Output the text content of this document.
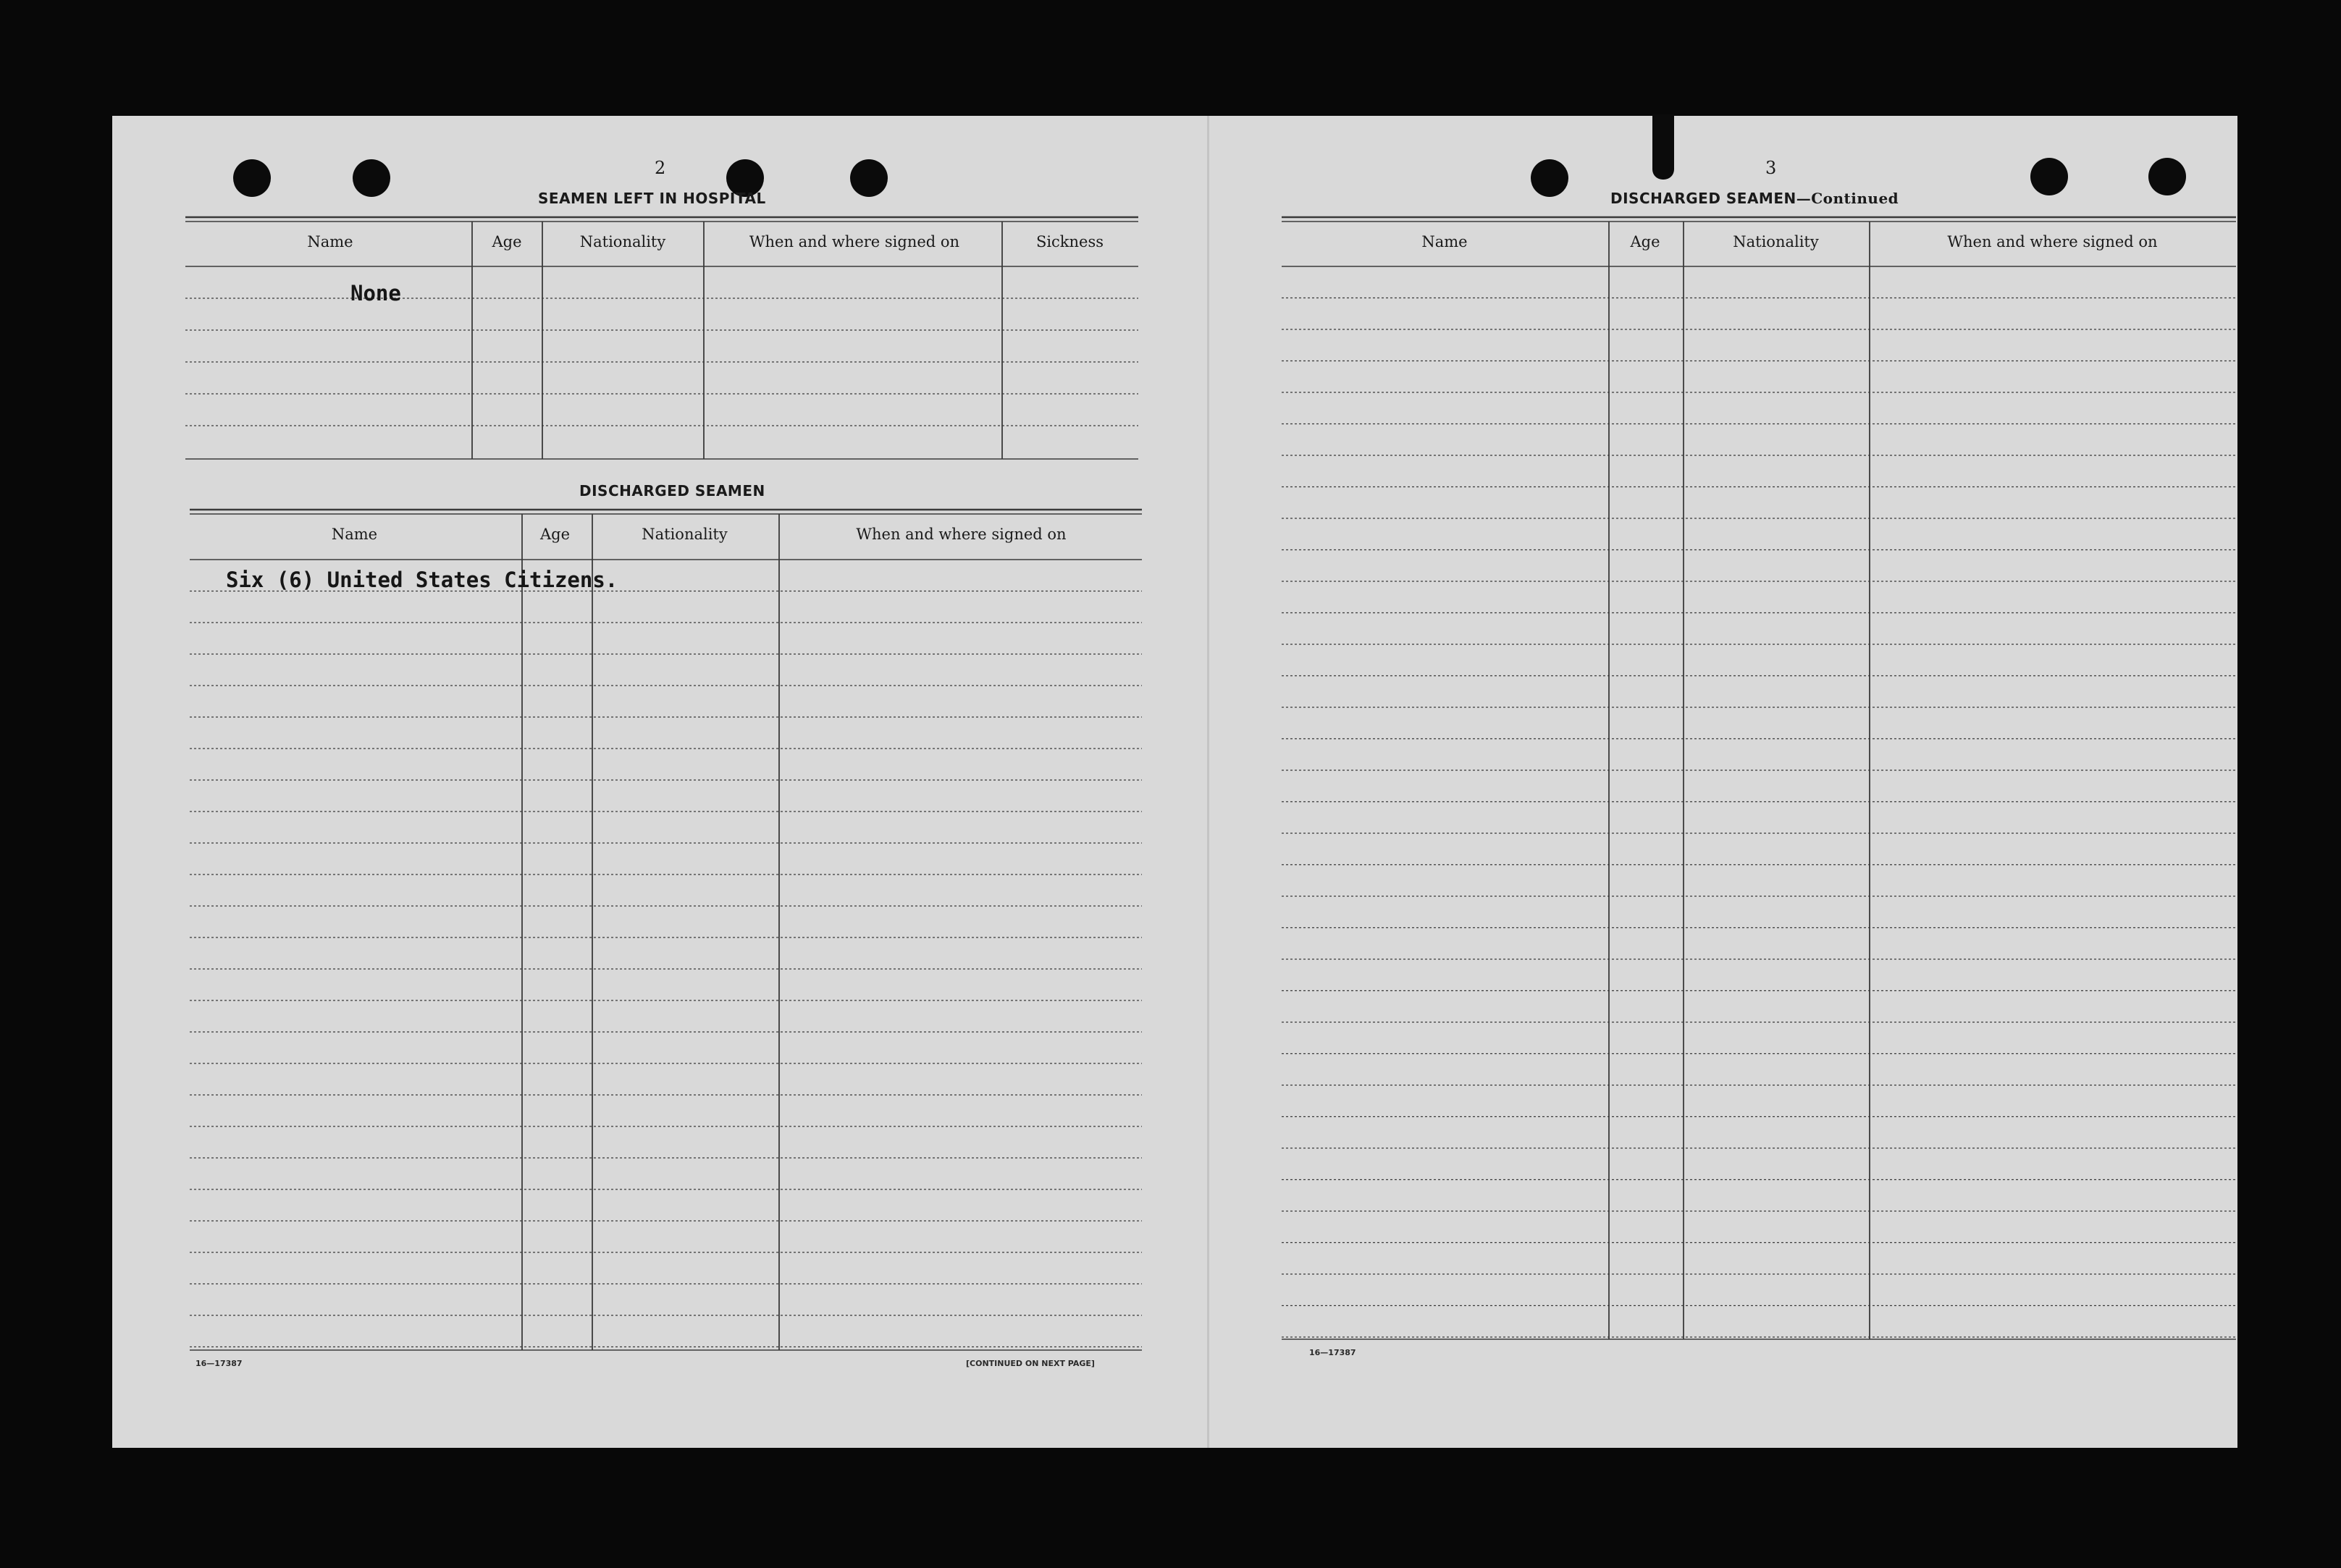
2
SEAMEN LEFT IN HOSPITAL
Name	Age	Nationality	When and where signed on	Sickness
None
DISCHARGED SEAMEN
Name	Age	Nationality	When and where signed on
Six (6) United States Citizens.
16—17387	[CONTINUED ON NEXT PAGE]
3
DISCHARGED SEAMEN—Continued
Name	Age	Nationality	When and where signed on
16—17387
